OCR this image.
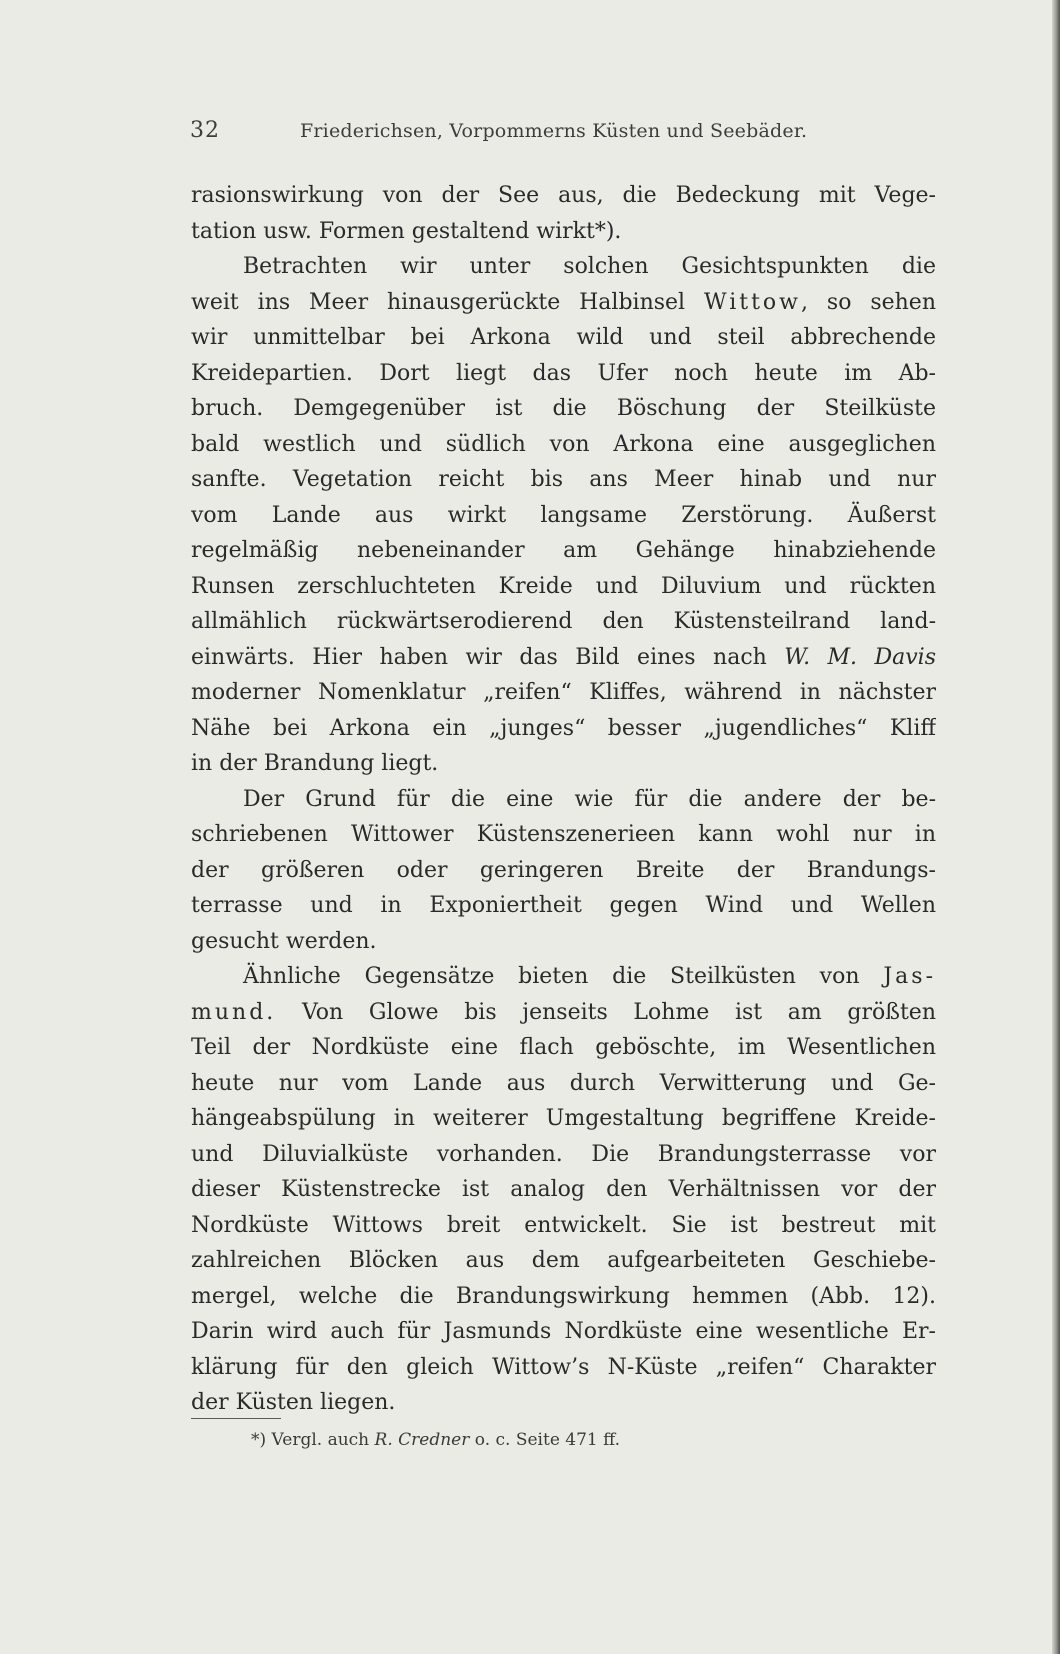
32	Friederichsen, Vorpommerns Küsten und Seebäder.
rasionswirkung von der See aus, die Bedeckung mit Vege-
tation usw. Formen gestaltend wirkt*).
Betrachten wir unter solchen Gesichtspunkten die
weit ins Meer hinausgerückte Halbinsel Wittow, so sehen
wir unmittelbar bei Arkona wild und steil abbrechende
Kreidepartien. Dort liegt das Ufer noch heute im Ab-
bruch. Demgegenüber ist die Böschung der Steilküste
bald westlich und südlich von Arkona eine ausgeglichen
sanfte. Vegetation reicht bis ans Meer hinab und nur
vom Lande aus wirkt langsame Zerstörung. Äußerst
regelmäßig nebeneinander am Gehänge hinabziehende
Runsen zerschluchteten Kreide und Diluvium und rückten
allmählich rückwärtserodierend den Küstensteilrand land-
einwärts. Hier haben wir das Bild eines nach W. M. Davis
moderner Nomenklatur „reifen“ Kliffes, während in nächster
Nähe bei Arkona ein „junges“ besser „jugendliches“ Kliff
in der Brandung liegt.
Der Grund für die eine wie für die andere der be-
schriebenen Wittower Küstenszenerieen kann wohl nur in
der größeren oder geringeren Breite der Brandungs-
terrasse und in Exponiertheit gegen Wind und Wellen
gesucht werden.
Ähnliche Gegensätze bieten die Steilküsten von Jas-
mund. Von Glowe bis jenseits Lohme ist am größten
Teil der Nordküste eine flach geböschte, im Wesentlichen
heute nur vom Lande aus durch Verwitterung und Ge-
hängeabspülung in weiterer Umgestaltung begriffene Kreide-
und Diluvialküste vorhanden. Die Brandungsterrasse vor
dieser Küstenstrecke ist analog den Verhältnissen vor der
Nordküste Wittows breit entwickelt. Sie ist bestreut mit
zahlreichen Blöcken aus dem aufgearbeiteten Geschiebe-
mergel, welche die Brandungswirkung hemmen (Abb. 12).
Darin wird auch für Jasmunds Nordküste eine wesentliche Er-
klärung für den gleich Wittow’s N-Küste „reifen“ Charakter
der Küsten liegen.
*) Vergl. auch R. Credner o. c. Seite 471 ff.
